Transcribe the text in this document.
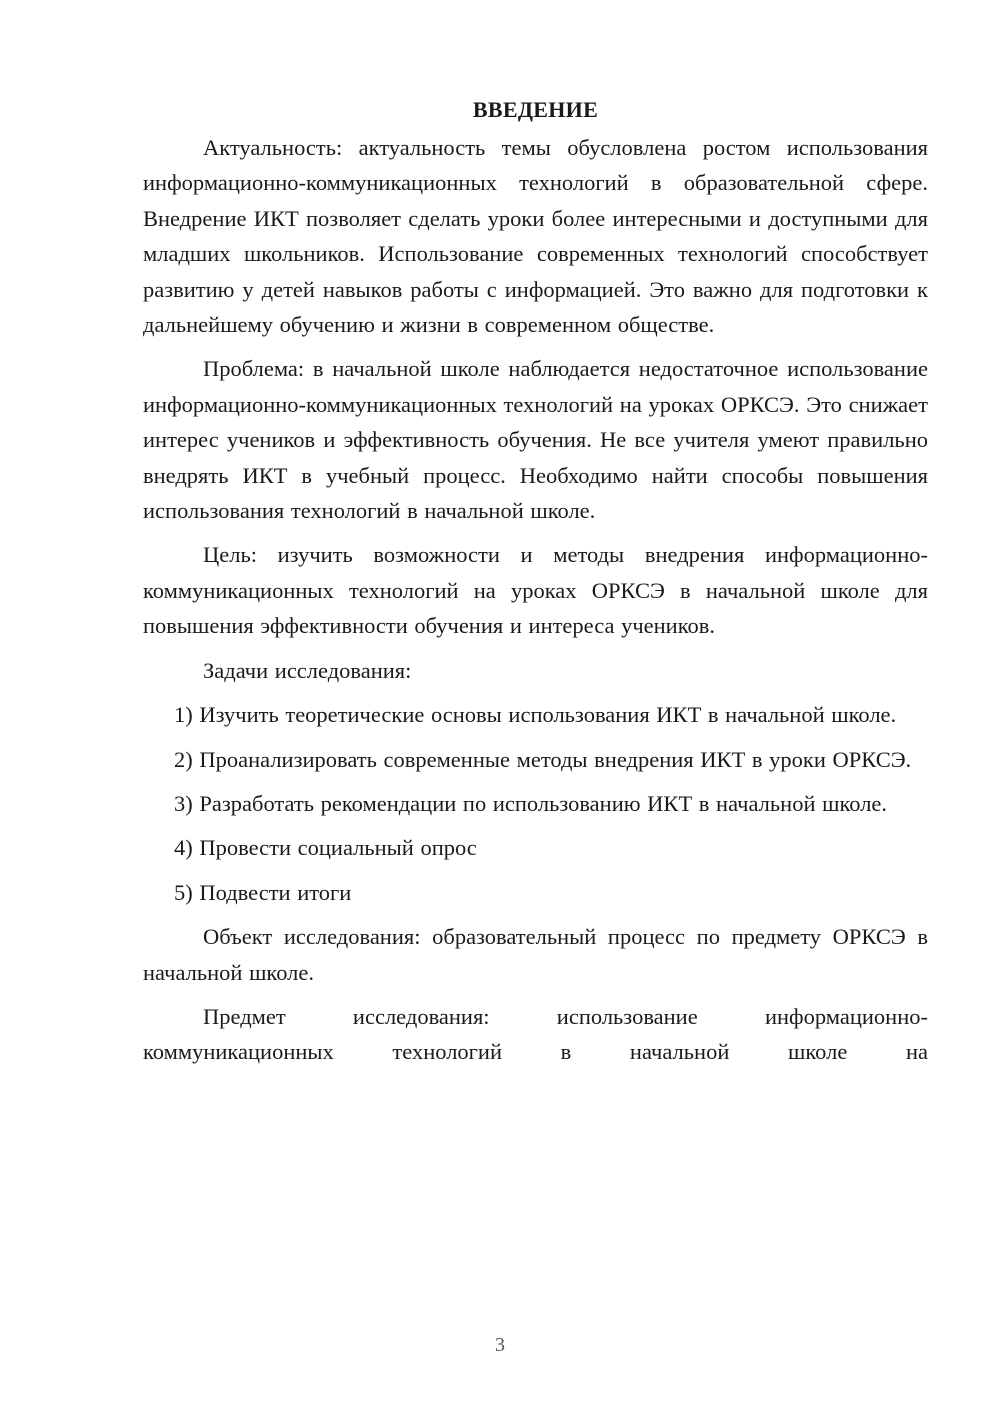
ВВЕДЕНИЕ

Актуальность: актуальность темы обусловлена ростом использования информационно-коммуникационных технологий в образовательной сфере. Внедрение ИКТ позволяет сделать уроки более интересными и доступными для младших школьников. Использование современных технологий способствует развитию у детей навыков работы с информацией. Это важно для подготовки к дальнейшему обучению и жизни в современном обществе.

Проблема: в начальной школе наблюдается недостаточное использование информационно-коммуникационных технологий на уроках ОРКСЭ. Это снижает интерес учеников и эффективность обучения. Не все учителя умеют правильно внедрять ИКТ в учебный процесс. Необходимо найти способы повышения использования технологий в начальной школе.

Цель: изучить возможности и методы внедрения информационно-коммуникационных технологий на уроках ОРКСЭ в начальной школе для повышения эффективности обучения и интереса учеников.

Задачи исследования:

1) Изучить теоретические основы использования ИКТ в начальной школе.

2) Проанализировать современные методы внедрения ИКТ в уроки ОРКСЭ.

3) Разработать рекомендации по использованию ИКТ в начальной школе.

4) Провести социальный опрос

5) Подвести итоги

Объект исследования: образовательный процесс по предмету ОРКСЭ в начальной школе.

Предмет исследования: использование информационно-коммуникационных технологий в начальной школе на

3
